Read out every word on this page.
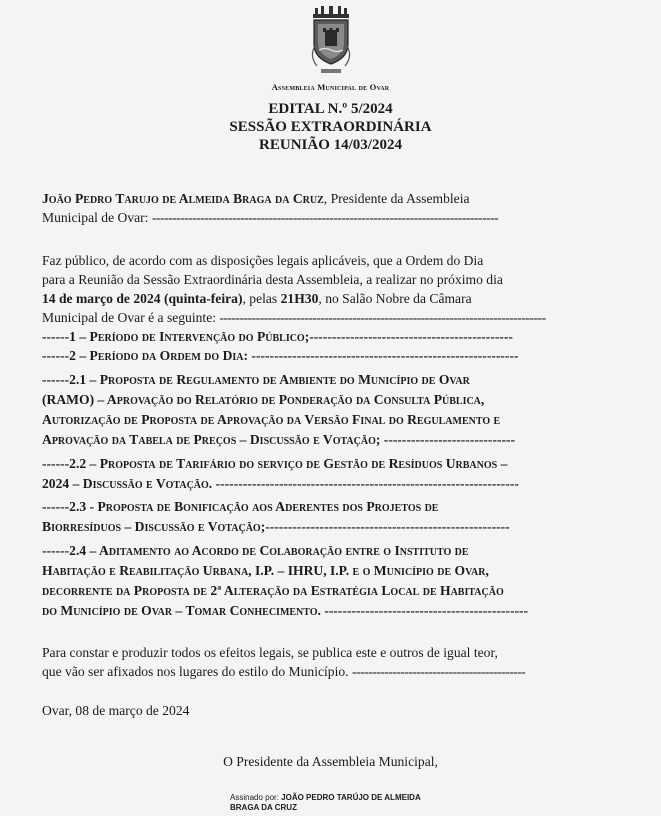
Assembleia Municipal de Ovar
EDITAL N.º 5/2024
SESSÃO EXTRAORDINÁRIA
REUNIÃO 14/03/2024
João Pedro Tarujo de Almeida Braga da Cruz, Presidente da Assembleia
Municipal de Ovar: --------------------------------------------------------------------------------------
Faz público, de acordo com as disposições legais aplicáveis, que a Ordem do Dia
para a Reunião da Sessão Extraordinária desta Assembleia, a realizar no próximo dia
14 de março de 2024 (quinta-feira), pelas 21H30, no Salão Nobre da Câmara
Municipal de Ovar é a seguinte: ---------------------------------------------------------------------------------
------1 – Período de Intervenção do Público;---------------------------------------------
------2 – Período da Ordem do Dia: -----------------------------------------------------------
------2.1 – Proposta de Regulamento de Ambiente do Município de Ovar
(RAMO) – Aprovação do Relatório de Ponderação da Consulta Pública,
Autorização de Proposta de Aprovação da Versão Final do Regulamento e
Aprovação da Tabela de Preços – Discussão e Votação; -----------------------------
------2.2 – Proposta de Tarifário do serviço de Gestão de Resíduos Urbanos –
2024 – Discussão e Votação. -------------------------------------------------------------------
------2.3 - Proposta de Bonificação aos Aderentes dos Projetos de
Biorresíduos – Discussão e Votação;------------------------------------------------------
------2.4 – Aditamento ao Acordo de Colaboração entre o Instituto de
Habitação e Reabilitação Urbana, I.P. – IHRU, I.P. e o Município de Ovar,
decorrente da Proposta de 2ª Alteração da Estratégia Local de Habitação
do Município de Ovar – Tomar Conhecimento. ---------------------------------------------
Para constar e produzir todos os efeitos legais, se publica este e outros de igual teor,
que vão ser afixados nos lugares do estilo do Município. -------------------------------------------
Ovar, 08 de março de 2024
O Presidente da Assembleia Municipal,
Assinado por: JOÃO PEDRO TARÚJO DE ALMEIDA
BRAGA DA CRUZ
